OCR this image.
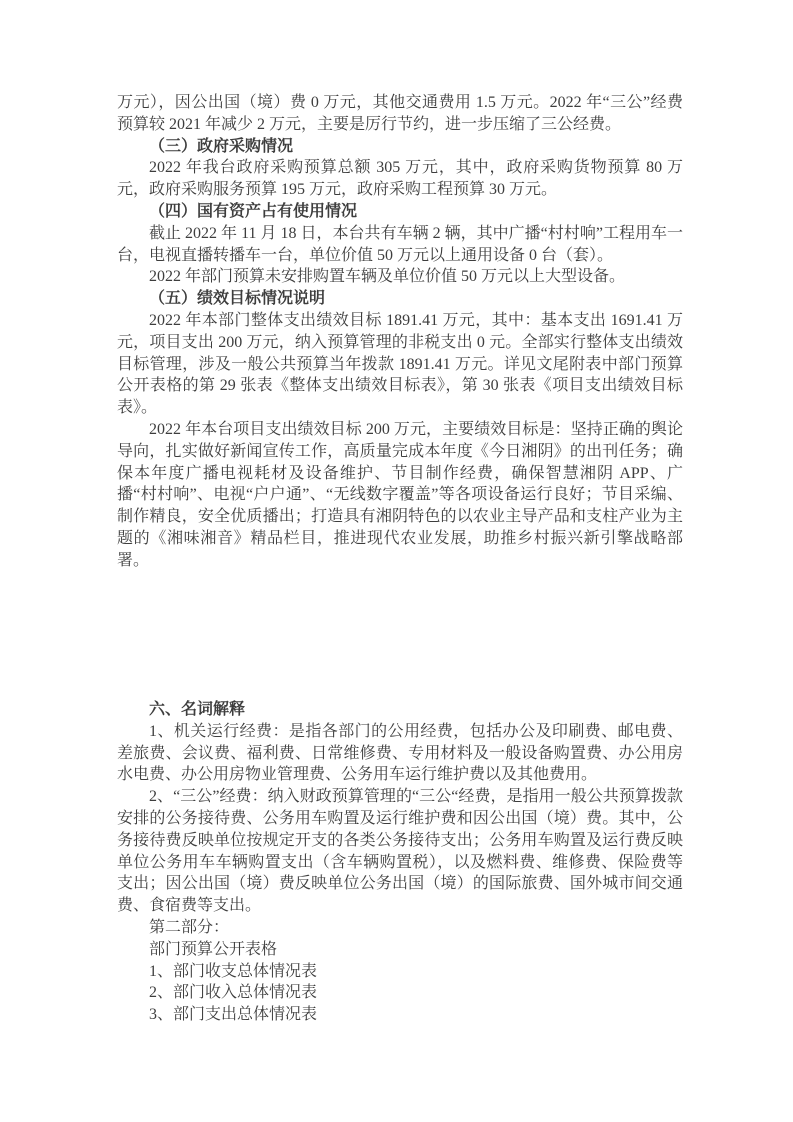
万元），因公出国（境）费 0 万元，其他交通费用 1.5 万元。2022 年“三公”经费预算较 2021 年减少 2 万元，主要是厉行节约，进一步压缩了三公经费。

（三）政府采购情况

2022 年我台政府采购预算总额 305 万元，其中，政府采购货物预算 80 万元，政府采购服务预算 195 万元，政府采购工程预算 30 万元。

（四）国有资产占有使用情况

截止 2022 年 11 月 18 日，本台共有车辆 2 辆，其中广播“村村响”工程用车一台，电视直播转播车一台，单位价值 50 万元以上通用设备 0 台（套）。

2022 年部门预算未安排购置车辆及单位价值 50 万元以上大型设备。

（五）绩效目标情况说明

2022 年本部门整体支出绩效目标 1891.41 万元，其中：基本支出 1691.41 万元，项目支出 200 万元，纳入预算管理的非税支出 0 元。全部实行整体支出绩效目标管理，涉及一般公共预算当年拨款 1891.41 万元。详见文尾附表中部门预算公开表格的第 29 张表《整体支出绩效目标表》，第 30 张表《项目支出绩效目标表》。

2022 年本台项目支出绩效目标 200 万元，主要绩效目标是：坚持正确的舆论导向，扎实做好新闻宣传工作，高质量完成本年度《今日湘阴》的出刊任务；确保本年度广播电视耗材及设备维护、节目制作经费，确保智慧湘阴 APP、广播“村村响”、电视“户户通”、“无线数字覆盖”等各项设备运行良好；节目采编、制作精良，安全优质播出；打造具有湘阴特色的以农业主导产品和支柱产业为主题的《湘味湘音》精品栏目，推进现代农业发展，助推乡村振兴新引擎战略部署。

六、名词解释

1、机关运行经费：是指各部门的公用经费，包括办公及印刷费、邮电费、差旅费、会议费、福利费、日常维修费、专用材料及一般设备购置费、办公用房水电费、办公用房物业管理费、公务用车运行维护费以及其他费用。

2、“三公”经费：纳入财政预算管理的“三公“经费，是指用一般公共预算拨款安排的公务接待费、公务用车购置及运行维护费和因公出国（境）费。其中，公务接待费反映单位按规定开支的各类公务接待支出；公务用车购置及运行费反映单位公务用车车辆购置支出（含车辆购置税），以及燃料费、维修费、保险费等支出；因公出国（境）费反映单位公务出国（境）的国际旅费、国外城市间交通费、食宿费等支出。

第二部分：

部门预算公开表格

1、部门收支总体情况表

2、部门收入总体情况表

3、部门支出总体情况表
